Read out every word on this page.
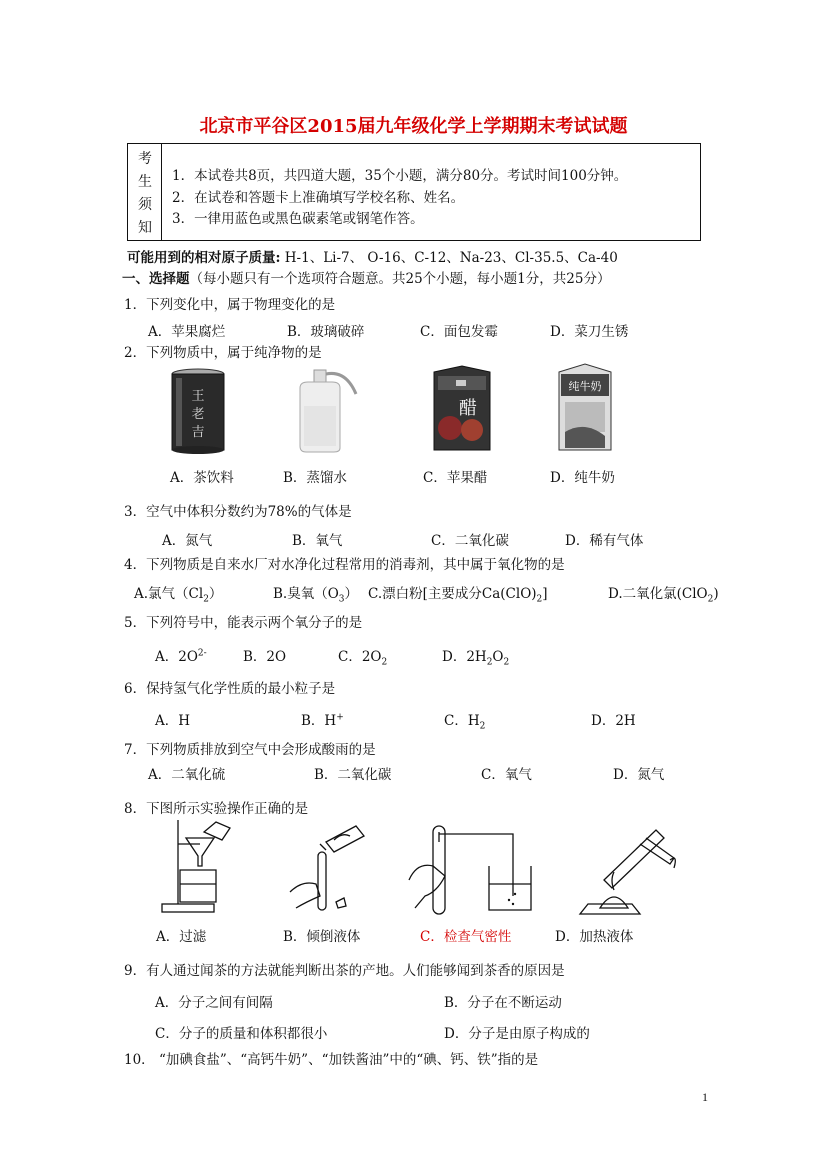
北京市平谷区2015届九年级化学上学期期末考试试题
考
生
须
知
1．本试卷共8页，共四道大题，35个小题，满分80分。考试时间100分钟。
2．在试卷和答题卡上准确填写学校名称、姓名。
3．一律用蓝色或黑色碳素笔或钢笔作答。
可能用到的相对原子质量: H-1、Li-7、 O-16、C-12、Na-23、Cl-35.5、Ca-40
一、选择题（每小题只有一个选项符合题意。共25个小题，每小题1分，共25分）
1．下列变化中，属于物理变化的是
A．苹果腐烂	B．玻璃破碎	C．面包发霉	D．菜刀生锈
2．下列物质中，属于纯净物的是
王
老
吉
醋
纯牛奶
A．茶饮料	B．蒸馏水	C．苹果醋	D．纯牛奶
3．空气中体积分数约为78%的气体是
A．氮气	B．氧气	C．二氧化碳	D．稀有气体
4．下列物质是自来水厂对水净化过程常用的消毒剂，其中属于氧化物的是
A.氯气$(Cl_2)$	B.臭氧$(O_3)$ C.漂白粉[主要成分$Ca(ClO)_2$]	D.二氧化氯(ClO$_2$)
5．下列符号中，能表示两个氧分子的是
A．$2O^{2-}$	B．2O	C．$2O_2$	D．$2H_2O_2$
6．保持氢气化学性质的最小粒子是
A．H	B．H+	C．$H_2$	D．2H
7．下列物质排放到空气中会形成酸雨的是
A．二氧化硫	B．二氧化碳	C．氧气	D．氮气
8．下图所示实验操作正确的是
A．过滤	B．倾倒液体	C．检查气密性	D．加热液体
9．有人通过闻茶的方法就能判断出茶的产地。人们能够闻到茶香的原因是
A．分子之间有间隔	B．分子在不断运动
C．分子的质量和体积都很小	D．分子是由原子构成的
10． “加碘食盐”、“高钙牛奶”、“加铁酱油”中的“碘、钙、铁”指的是
1
